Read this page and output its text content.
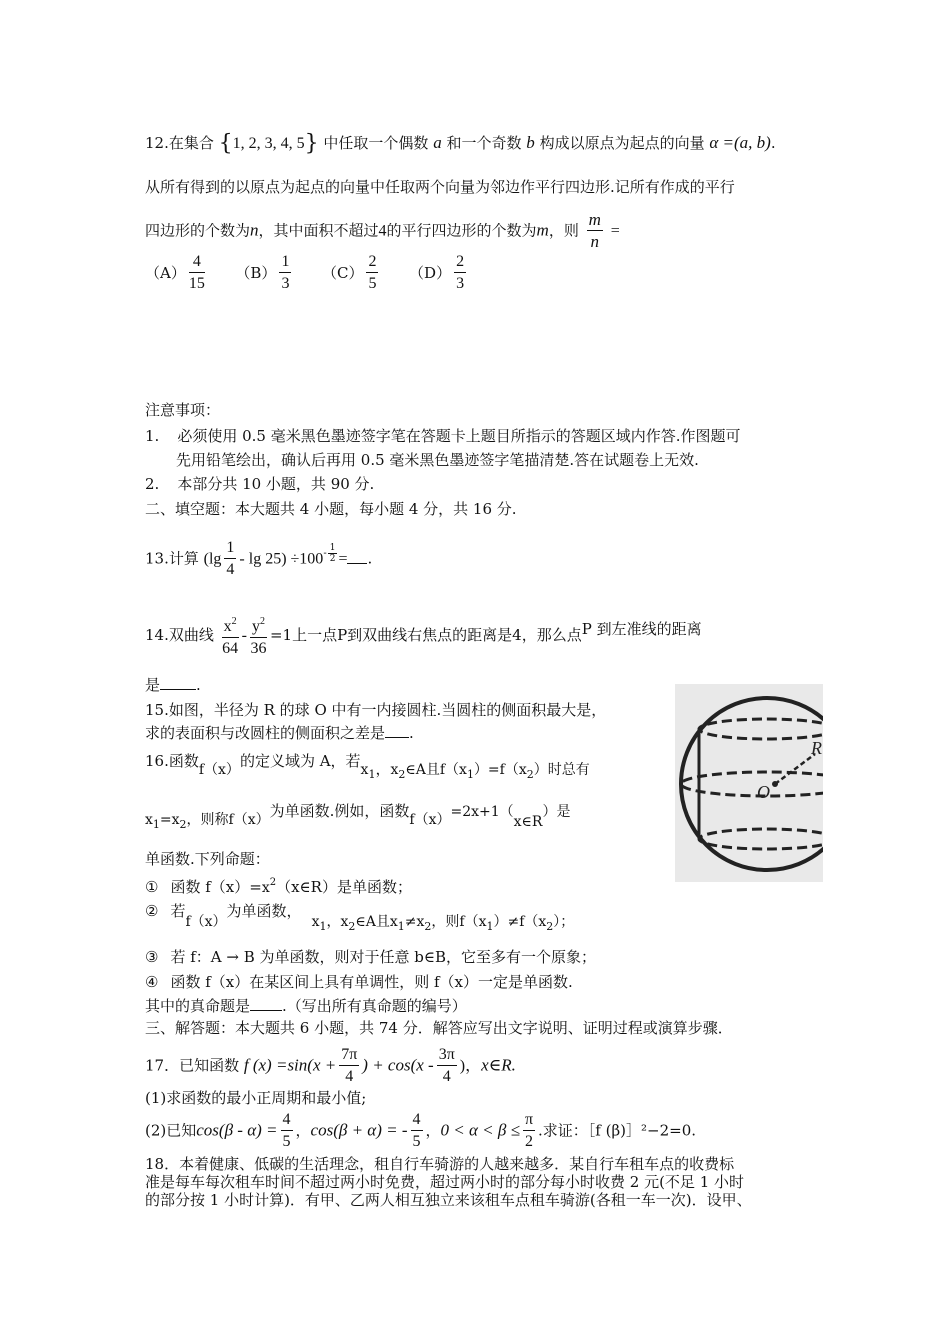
12.在集合 {1, 2, 3, 4, 5} 中任取一个偶数 a 和一个奇数 b 构成以原点为起点的向量 α =(a, b).
从所有得到的以原点为起点的向量中任取两个向量为邻边作平行四边形.记所有作成的平行
四边形的个数为n，其中面积不超过4的平行四边形的个数为m，则 $\frac{m}{n}$ =
$(A) \frac{4}{15} (B) \frac{1}{3} (C) \frac{2}{5} (D) \frac{2}{3}$
注意事项：
1. 必须使用 0.5 毫米黑色墨迹签字笔在答题卡上题目所指示的答题区域内作答.作图题可
先用铅笔绘出，确认后再用 0.5 毫米黑色墨迹签字笔描清楚.答在试题卷上无效.
2. 本部分共 10 小题，共 90 分.
二、填空题：本大题共 4 小题，每小题 4 分，共 16 分.
13.计算 $(\lg \frac{1}{4} - \lg 25) \div 100^{- \frac{1}{2}}$ = .
14.双曲线 $\frac{x^2}{64} - \frac{y^2}{36} =1$上一点P到双曲线右焦点的距离是4，那么点P 到左准线的距离
是 .
R
O
15.如图，半径为 R 的球 O 中有一内接圆柱.当圆柱的侧面积最大是，
求的表面积与改圆柱的侧面积之差是 .
16.函数f（x）的定义域为 A，若$x_1$，$x_2\in A$且$f(x_1)=f(x_2)$时总有
$x_1=x_2$，则称f（x）为单函数.例如，函数f（x）=2x+1（x∈R）是
单函数.下列命题：
① 函数 $f(x)=x^2(x\in R)$是单函数；
② 若f（x）为单函数，$x_1$，$x_2\in A$且$x_1\ne x_2$，则$f(x_1)\ne f(x_2)$；
③ 若 f：A → B 为单函数，则对于任意 b∈B，它至多有一个原象；
④ 函数 f（x）在某区间上具有单调性，则 f（x）一定是单函数.
其中的真命题是 .（写出所有真命题的编号）
三、解答题：本大题共 6 小题，共 74 分．解答应写出文字说明、证明过程或演算步骤．
17．已知函数 f $(x) =\sin(x + \frac{7\pi}{4}$ ) + $\cos(x - \frac{3\pi}{4}$ )，x∈R.
(1)求函数的最小正周期和最小值;
(2)已知$\cos(\beta - \alpha) = \frac{4}{5}$ ，cos(β + α) = - $\frac{4}{5}$ ，$0 < \alpha < \beta \le \frac{\pi}{2}$ .求证：［f (β)］²−2=0.
18．本着健康、低碳的生活理念，租自行车骑游的人越来越多．某自行车租车点的收费标
准是每车每次租车时间不超过两小时免费，超过两小时的部分每小时收费 2 元(不足 1 小时
的部分按 1 小时计算)．有甲、乙两人相互独立来该租车点租车骑游(各租一车一次)．设甲、
